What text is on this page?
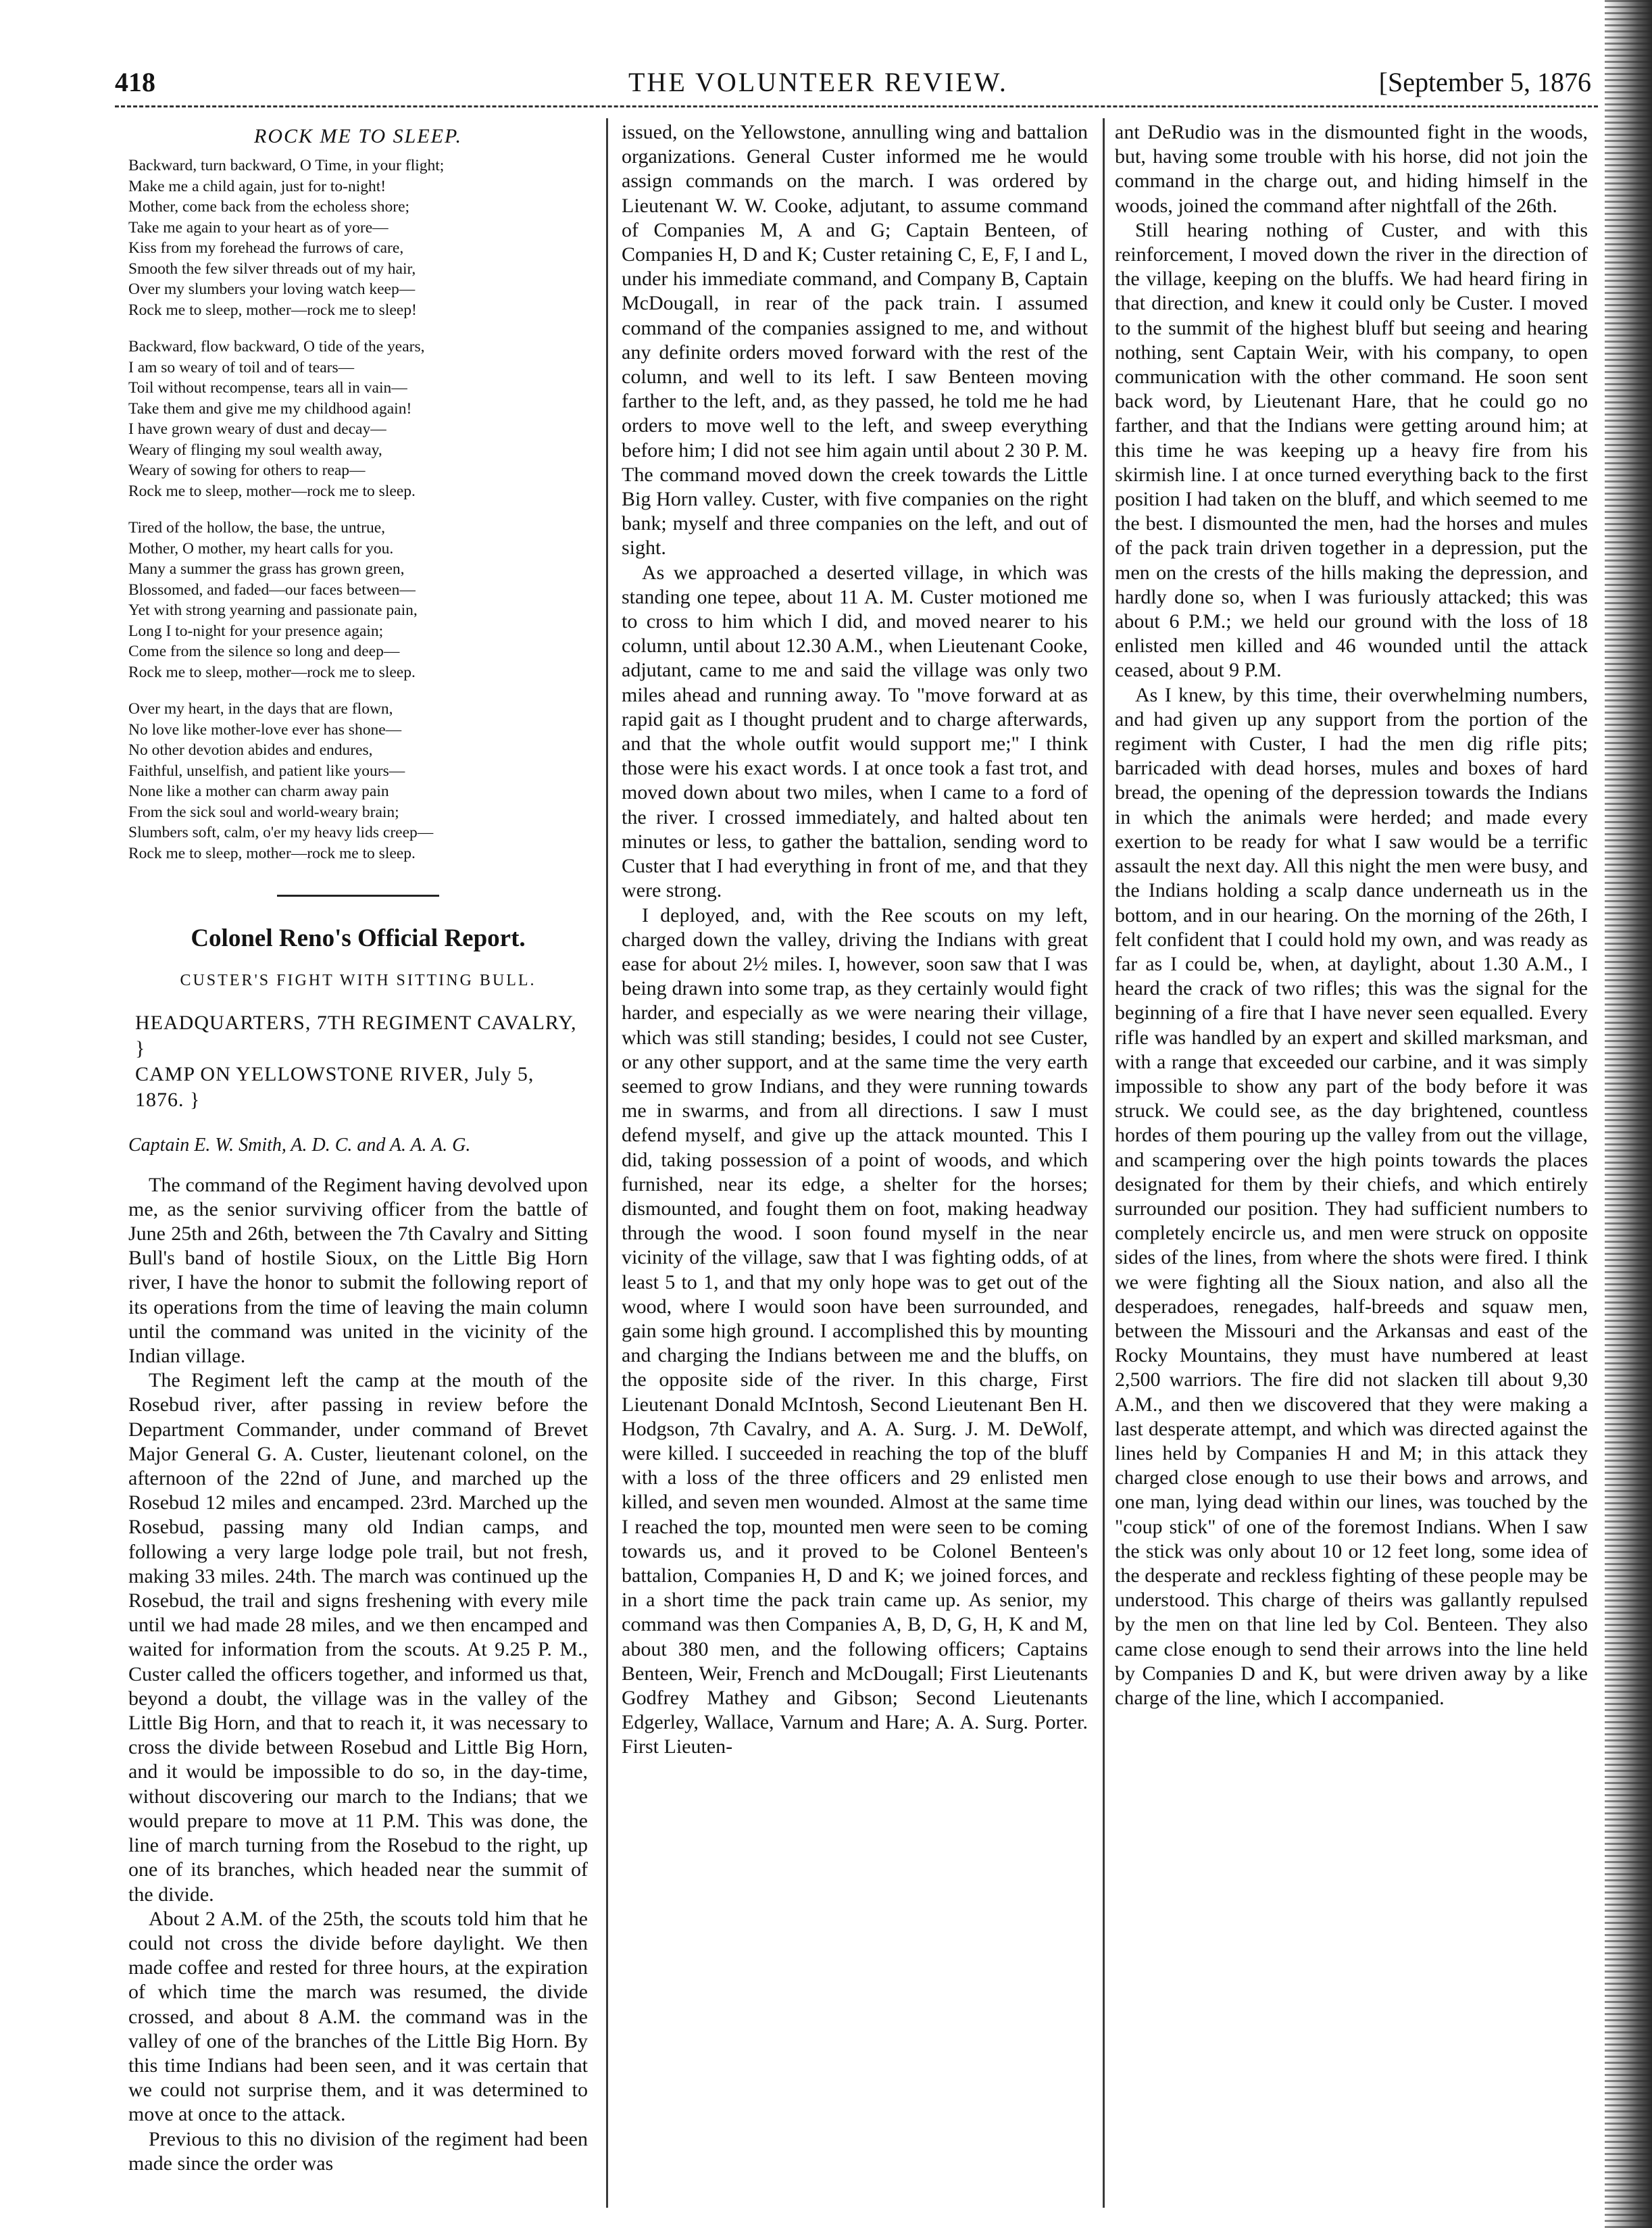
418	THE VOLUNTEER REVIEW.	[September 5, 1876
ROCK ME TO SLEEP.
Backward, turn backward, O Time, in your flight;
Make me a child again, just for to-night!
Mother, come back from the echoless shore;
Take me again to your heart as of yore—
Kiss from my forehead the furrows of care,
Smooth the few silver threads out of my hair,
Over my slumbers your loving watch keep—
Rock me to sleep, mother—rock me to sleep!
Backward, flow backward, O tide of the years,
I am so weary of toil and of tears—
Toil without recompense, tears all in vain—
Take them and give me my childhood again!
I have grown weary of dust and decay—
Weary of flinging my soul wealth away,
Weary of sowing for others to reap—
Rock me to sleep, mother—rock me to sleep.
Tired of the hollow, the base, the untrue,
Mother, O mother, my heart calls for you.
Many a summer the grass has grown green,
Blossomed, and faded—our faces between—
Yet with strong yearning and passionate pain,
Long I to-night for your presence again;
Come from the silence so long and deep—
Rock me to sleep, mother—rock me to sleep.
Over my heart, in the days that are flown,
No love like mother-love ever has shone—
No other devotion abides and endures,
Faithful, unselfish, and patient like yours—
None like a mother can charm away pain
From the sick soul and world-weary brain;
Slumbers soft, calm, o'er my heavy lids creep—
Rock me to sleep, mother—rock me to sleep.
Colonel Reno's Official Report.
CUSTER'S FIGHT WITH SITTING BULL.
HEADQUARTERS, 7TH REGIMENT CAVALRY, }
CAMP ON YELLOWSTONE RIVER, July 5, 1876. }
Captain E. W. Smith, A. D. C. and A. A. A. G.

The command of the Regiment having devolved upon me, as the senior surviving officer from the battle of June 25th and 26th, between the 7th Cavalry and Sitting Bull's band of hostile Sioux, on the Little Big Horn river, I have the honor to submit the following report of its operations from the time of leaving the main column until the command was united in the vicinity of the Indian village.

The Regiment left the camp at the mouth of the Rosebud river, after passing in review before the Department Commander, under command of Brevet Major General G. A. Custer, lieutenant colonel, on the afternoon of the 22nd of June, and marched up the Rosebud 12 miles and encamped. 23rd. Marched up the Rosebud, passing many old Indian camps, and following a very large lodge pole trail, but not fresh, making 33 miles. 24th. The march was continued up the Rosebud, the trail and signs freshening with every mile until we had made 28 miles, and we then encamped and waited for information from the scouts. At 9.25 P. M., Custer called the officers together, and informed us that, beyond a doubt, the village was in the valley of the Little Big Horn, and that to reach it, it was necessary to cross the divide between Rosebud and Little Big Horn, and it would be impossible to do so, in the day-time, without discovering our march to the Indians; that we would prepare to move at 11 P.M. This was done, the line of march turning from the Rosebud to the right, up one of its branches, which headed near the summit of the divide.

About 2 A.M. of the 25th, the scouts told him that he could not cross the divide before daylight. We then made coffee and rested for three hours, at the expiration of which time the march was resumed, the divide crossed, and about 8 A.M. the command was in the valley of one of the branches of the Little Big Horn. By this time Indians had been seen, and it was certain that we could not surprise them, and it was determined to move at once to the attack.

Previous to this no division of the regiment had been made since the order was

issued, on the Yellowstone, annulling wing and battalion organizations. General Custer informed me he would assign commands on the march. I was ordered by Lieutenant W. W. Cooke, adjutant, to assume command of Companies M, A and G; Captain Benteen, of Companies H, D and K; Custer retaining C, E, F, I and L, under his immediate command, and Company B, Captain McDougall, in rear of the pack train. I assumed command of the companies assigned to me, and without any definite orders moved forward with the rest of the column, and well to its left. I saw Benteen moving farther to the left, and, as they passed, he told me he had orders to move well to the left, and sweep everything before him; I did not see him again until about 2 30 P. M. The command moved down the creek towards the Little Big Horn valley. Custer, with five companies on the right bank; myself and three companies on the left, and out of sight.

As we approached a deserted village, in which was standing one tepee, about 11 A. M. Custer motioned me to cross to him which I did, and moved nearer to his column, until about 12.30 A.M., when Lieutenant Cooke, adjutant, came to me and said the village was only two miles ahead and running away. To "move forward at as rapid gait as I thought prudent and to charge afterwards, and that the whole outfit would support me;" I think those were his exact words. I at once took a fast trot, and moved down about two miles, when I came to a ford of the river. I crossed immediately, and halted about ten minutes or less, to gather the battalion, sending word to Custer that I had everything in front of me, and that they were strong.

I deployed, and, with the Ree scouts on my left, charged down the valley, driving the Indians with great ease for about 2½ miles. I, however, soon saw that I was being drawn into some trap, as they certainly would fight harder, and especially as we were nearing their village, which was still standing; besides, I could not see Custer, or any other support, and at the same time the very earth seemed to grow Indians, and they were running towards me in swarms, and from all directions. I saw I must defend myself, and give up the attack mounted. This I did, taking possession of a point of woods, and which furnished, near its edge, a shelter for the horses; dismounted, and fought them on foot, making headway through the wood. I soon found myself in the near vicinity of the village, saw that I was fighting odds, of at least 5 to 1, and that my only hope was to get out of the wood, where I would soon have been surrounded, and gain some high ground. I accomplished this by mounting and charging the Indians between me and the bluffs, on the opposite side of the river. In this charge, First Lieutenant Donald McIntosh, Second Lieutenant Ben H. Hodgson, 7th Cavalry, and A. A. Surg. J. M. DeWolf, were killed. I succeeded in reaching the top of the bluff with a loss of the three officers and 29 enlisted men killed, and seven men wounded. Almost at the same time I reached the top, mounted men were seen to be coming towards us, and it proved to be Colonel Benteen's battalion, Companies H, D and K; we joined forces, and in a short time the pack train came up. As senior, my command was then Companies A, B, D, G, H, K and M, about 380 men, and the following officers; Captains Benteen, Weir, French and McDougall; First Lieutenants Godfrey Mathey and Gibson; Second Lieutenants Edgerley, Wallace, Varnum and Hare; A. A. Surg. Porter. First Lieuten-

ant DeRudio was in the dismounted fight in the woods, but, having some trouble with his horse, did not join the command in the charge out, and hiding himself in the woods, joined the command after nightfall of the 26th.

Still hearing nothing of Custer, and with this reinforcement, I moved down the river in the direction of the village, keeping on the bluffs. We had heard firing in that direction, and knew it could only be Custer. I moved to the summit of the highest bluff but seeing and hearing nothing, sent Captain Weir, with his company, to open communication with the other command. He soon sent back word, by Lieutenant Hare, that he could go no farther, and that the Indians were getting around him; at this time he was keeping up a heavy fire from his skirmish line. I at once turned everything back to the first position I had taken on the bluff, and which seemed to me the best. I dismounted the men, had the horses and mules of the pack train driven together in a depression, put the men on the crests of the hills making the depression, and hardly done so, when I was furiously attacked; this was about 6 P.M.; we held our ground with the loss of 18 enlisted men killed and 46 wounded until the attack ceased, about 9 P.M.

As I knew, by this time, their overwhelming numbers, and had given up any support from the portion of the regiment with Custer, I had the men dig rifle pits; barricaded with dead horses, mules and boxes of hard bread, the opening of the depression towards the Indians in which the animals were herded; and made every exertion to be ready for what I saw would be a terrific assault the next day. All this night the men were busy, and the Indians holding a scalp dance underneath us in the bottom, and in our hearing. On the morning of the 26th, I felt confident that I could hold my own, and was ready as far as I could be, when, at daylight, about 1.30 A.M., I heard the crack of two rifles; this was the signal for the beginning of a fire that I have never seen equalled. Every rifle was handled by an expert and skilled marksman, and with a range that exceeded our carbine, and it was simply impossible to show any part of the body before it was struck. We could see, as the day brightened, countless hordes of them pouring up the valley from out the village, and scampering over the high points towards the places designated for them by their chiefs, and which entirely surrounded our position. They had sufficient numbers to completely encircle us, and men were struck on opposite sides of the lines, from where the shots were fired. I think we were fighting all the Sioux nation, and also all the desperadoes, renegades, half-breeds and squaw men, between the Missouri and the Arkansas and east of the Rocky Mountains, they must have numbered at least 2,500 warriors. The fire did not slacken till about 9,30 A.M., and then we discovered that they were making a last desperate attempt, and which was directed against the lines held by Companies H and M; in this attack they charged close enough to use their bows and arrows, and one man, lying dead within our lines, was touched by the "coup stick" of one of the foremost Indians. When I saw the stick was only about 10 or 12 feet long, some idea of the desperate and reckless fighting of these people may be understood. This charge of theirs was gallantly repulsed by the men on that line led by Col. Benteen. They also came close enough to send their arrows into the line held by Companies D and K, but were driven away by a like charge of the line, which I accompanied.
